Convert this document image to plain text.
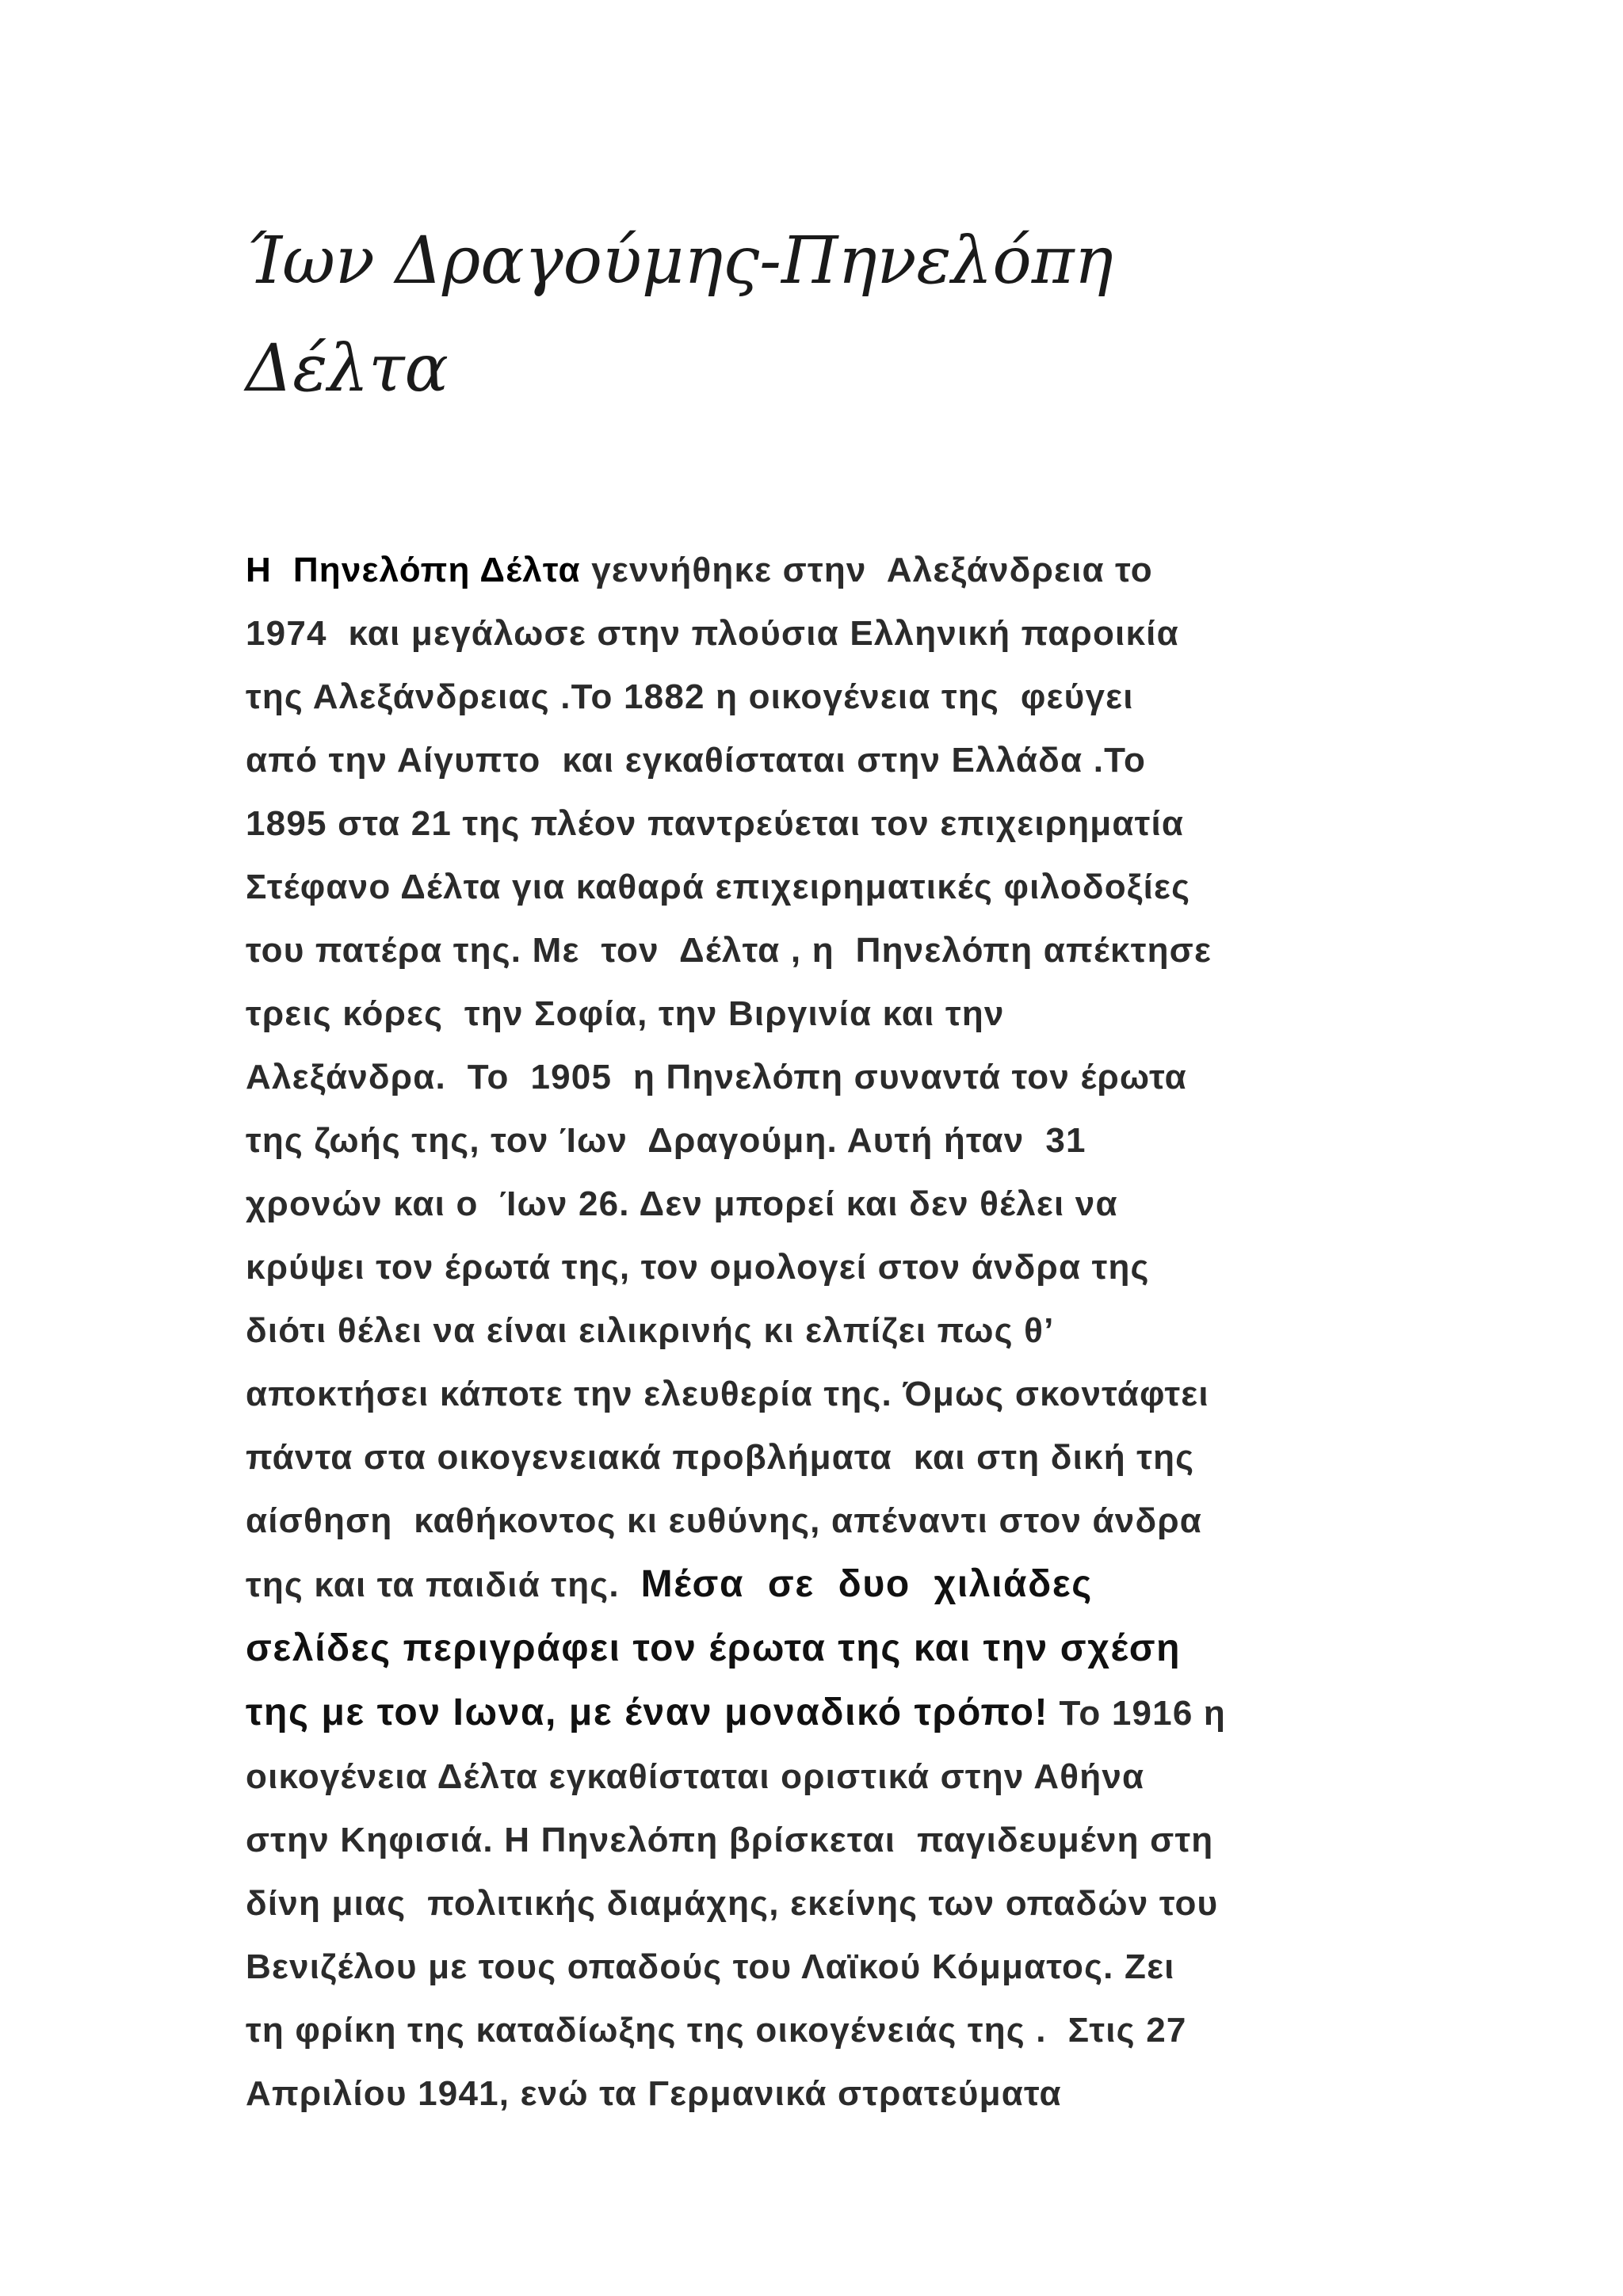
Ίων Δραγούμης-Πηνελόπη
Δέλτα
Η  Πηνελόπη Δέλτα γεννήθηκε στην  Αλεξάνδρεια το
1974  και μεγάλωσε στην πλούσια Ελληνική παροικία
της Αλεξάνδρειας .Το 1882 η οικογένεια της  φεύγει
από την Αίγυπτο  και εγκαθίσταται στην Ελλάδα .Το
1895 στα 21 της πλέον παντρεύεται τον επιχειρηματία
Στέφανο Δέλτα για καθαρά επιχειρηματικές φιλοδοξίες
του πατέρα της. Με  τον  Δέλτα , η  Πηνελόπη απέκτησε
τρεις κόρες  την Σοφία, την Βιργινία και την
Αλεξάνδρα.  Το  1905  η Πηνελόπη συναντά τον έρωτα
της ζωής της, τον Ίων  Δραγούμη. Αυτή ήταν  31
χρονών και ο  Ίων 26. Δεν μπορεί και δεν θέλει να
κρύψει τον έρωτά της, τον ομολογεί στον άνδρα της
διότι θέλει να είναι ειλικρινής κι ελπίζει πως θ’
αποκτήσει κάποτε την ελευθερία της. Όμως σκοντάφτει
πάντα στα οικογενειακά προβλήματα  και στη δική της
αίσθηση  καθήκοντος κι ευθύνης, απέναντι στον άνδρα
της και τα παιδιά της.  Μέσα  σε  δυο  χιλιάδες
σελίδες περιγράφει τον έρωτα της και την σχέση
της με τον Ιωνα, με έναν μοναδικό τρόπο! Το 1916 η
οικογένεια Δέλτα εγκαθίσταται οριστικά στην Αθήνα
στην Κηφισιά. Η Πηνελόπη βρίσκεται  παγιδευμένη στη
δίνη μιας  πολιτικής διαμάχης, εκείνης των οπαδών του
Βενιζέλου με τους οπαδούς του Λαϊκού Κόμματος. Ζει
τη φρίκη της καταδίωξης της οικογένειάς της .  Στις 27
Απριλίου 1941, ενώ τα Γερμανικά στρατεύματα
